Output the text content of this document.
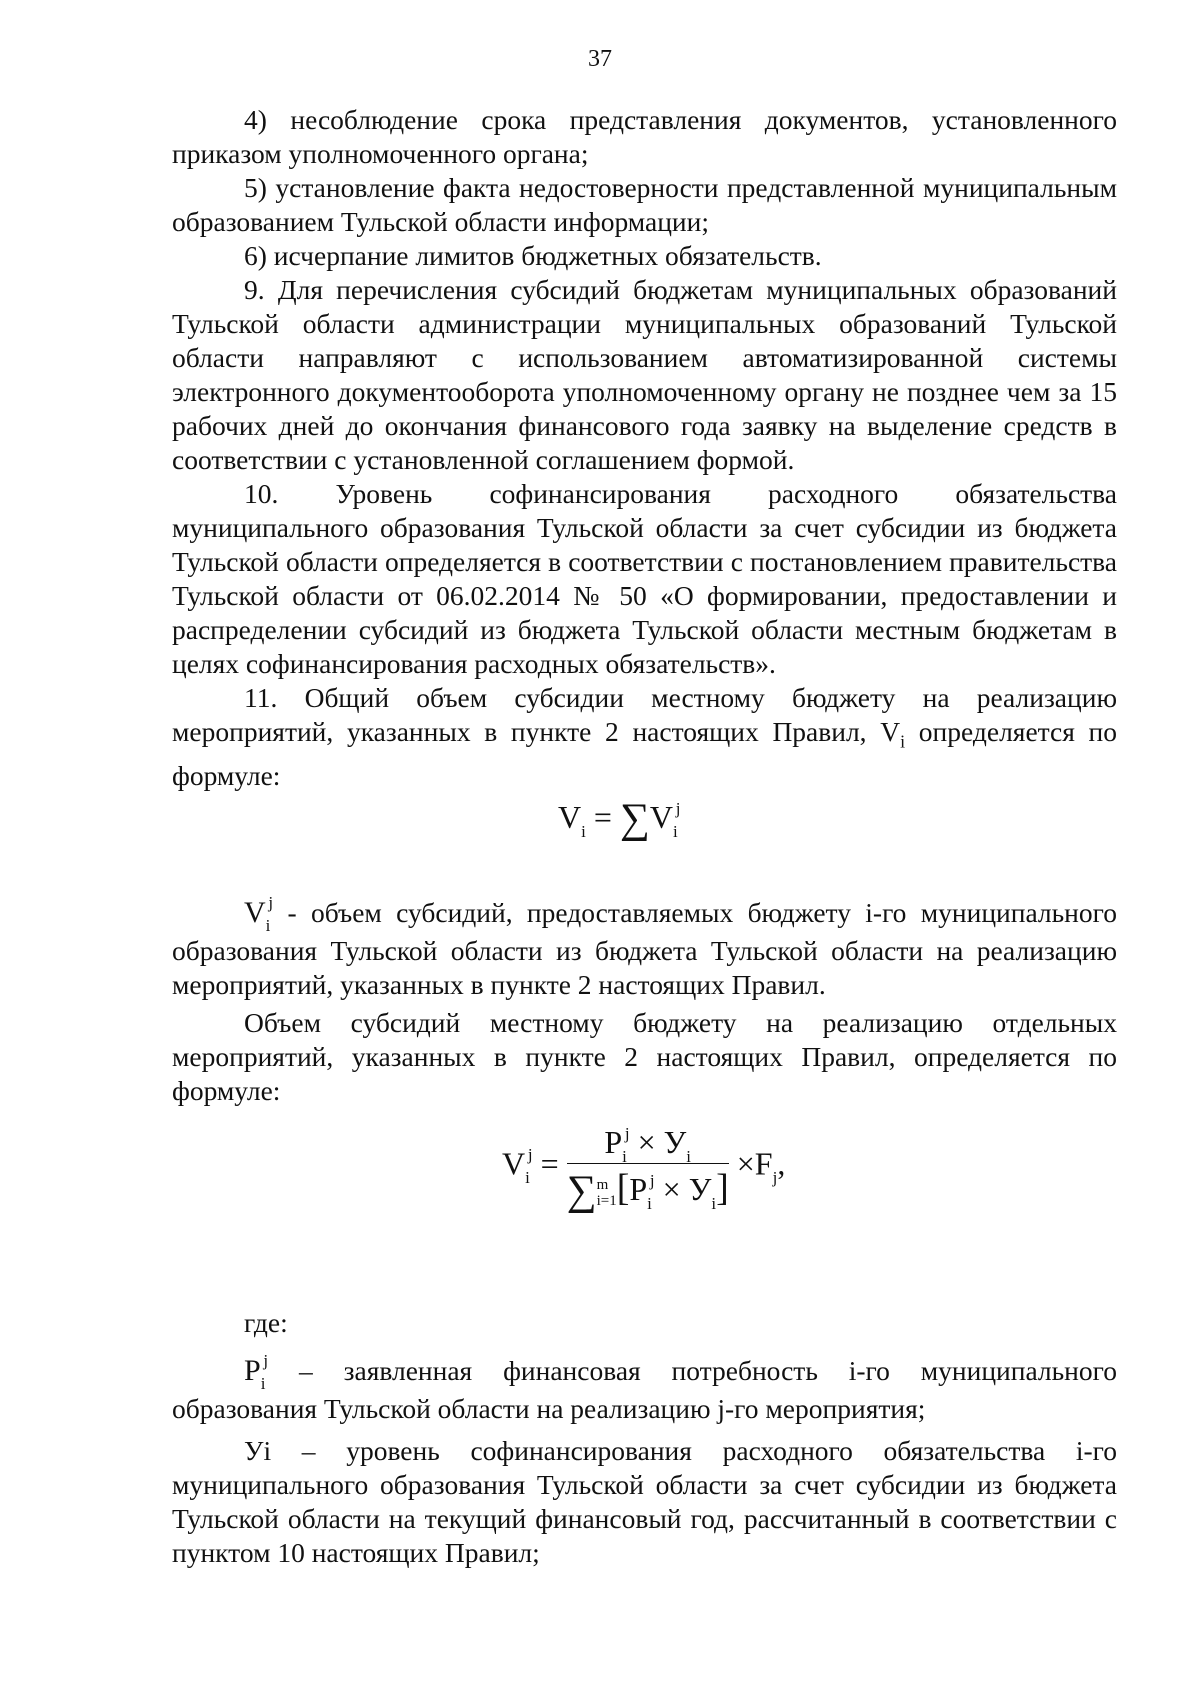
37

4) несоблюдение срока представления документов, установленного приказом уполномоченного органа;

5) установление факта недостоверности представленной муниципальным образованием Тульской области информации;

6) исчерпание лимитов бюджетных обязательств.

9. Для перечисления субсидий бюджетам муниципальных образований Тульской области администрации муниципальных образований Тульской области направляют с использованием автоматизированной системы электронного документооборота уполномоченному органу не позднее чем за 15 рабочих дней до окончания финансового года заявку на выделение средств в соответствии с установленной соглашением формой.

10. Уровень софинансирования расходного обязательства муниципального образования Тульской области за счет субсидии из бюджета Тульской области определяется в соответствии с постановлением правительства Тульской области от 06.02.2014 № 50 «О формировании, предоставлении и распределении субсидий из бюджета Тульской области местным бюджетам в целях софинансирования расходных обязательств».

11. Общий объем субсидии местному бюджету на реализацию мероприятий, указанных в пункте 2 настоящих Правил, $V_i$ определяется по формуле:

$V_i = \sum V_i^j$

$V_i^j$ - объем субсидий, предоставляемых бюджету i-го муниципального образования Тульской области из бюджета Тульской области на реализацию мероприятий, указанных в пункте 2 настоящих Правил.

Объем субсидий местному бюджету на реализацию отдельных мероприятий, указанных в пункте 2 настоящих Правил, определяется по формуле:

$V_i^j = P_i^j \times У_i$
∑ m
i=1 $[P_i^j \times У_i] \times F_j$,

где:

$P_i^j$ – заявленная финансовая потребность i-го муниципального образования Тульской области на реализацию j-го мероприятия;

Уi – уровень софинансирования расходного обязательства i-го муниципального образования Тульской области за счет субсидии из бюджета Тульской области на текущий финансовый год, рассчитанный в соответствии с пунктом 10 настоящих Правил;
